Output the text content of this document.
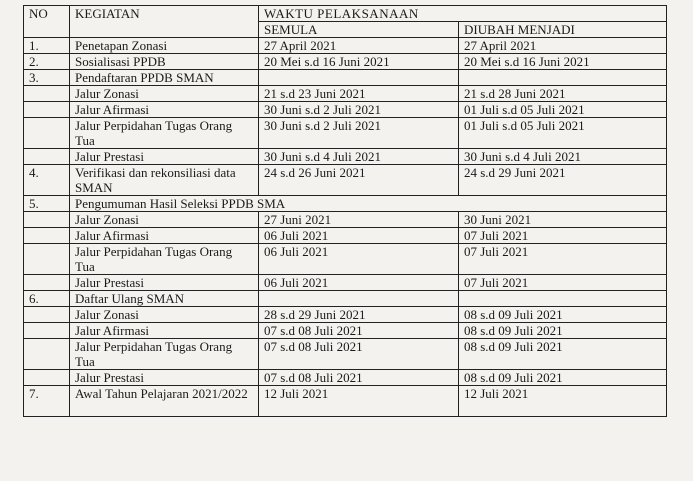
NO	KEGIATAN	WAKTU PELAKSANAAN	
		SEMULA	DIUBAH MENJADI
1.	Penetapan Zonasi	27 April 2021	27 April 2021
2.	Sosialisasi PPDB	20 Mei s.d 16 Juni 2021	20 Mei s.d 16 Juni 2021
3.	Pendaftaran PPDB SMAN		
	Jalur Zonasi	21 s.d 23 Juni 2021	21 s.d 28 Juni 2021
	Jalur Afirmasi	30 Juni s.d 2 Juli 2021	01 Juli s.d 05 Juli 2021
	Jalur Perpidahan Tugas Orang Tua	30 Juni s.d 2 Juli 2021	01 Juli s.d 05 Juli 2021
	Jalur Prestasi	30 Juni s.d 4 Juli 2021	30 Juni s.d 4 Juli 2021
4.	Verifikasi dan rekonsiliasi data SMAN	24 s.d 26 Juni 2021	24 s.d 29 Juni 2021
5.	Pengumuman Hasil Seleksi PPDB SMA		
	Jalur Zonasi	27 Juni 2021	30 Juni 2021
	Jalur Afirmasi	06 Juli 2021	07 Juli 2021
	Jalur Perpidahan Tugas Orang Tua	06 Juli 2021	07 Juli 2021
	Jalur Prestasi	06 Juli 2021	07 Juli 2021
6.	Daftar Ulang SMAN		
	Jalur Zonasi	28 s.d 29 Juni 2021	08 s.d 09 Juli 2021
	Jalur Afirmasi	07 s.d 08 Juli 2021	08 s.d 09 Juli 2021
	Jalur Perpidahan Tugas Orang Tua	07 s.d 08 Juli 2021	08 s.d 09 Juli 2021
	Jalur Prestasi	07 s.d 08 Juli 2021	08 s.d 09 Juli 2021
7.	Awal Tahun Pelajaran 2021/2022	12 Juli 2021	12 Juli 2021
